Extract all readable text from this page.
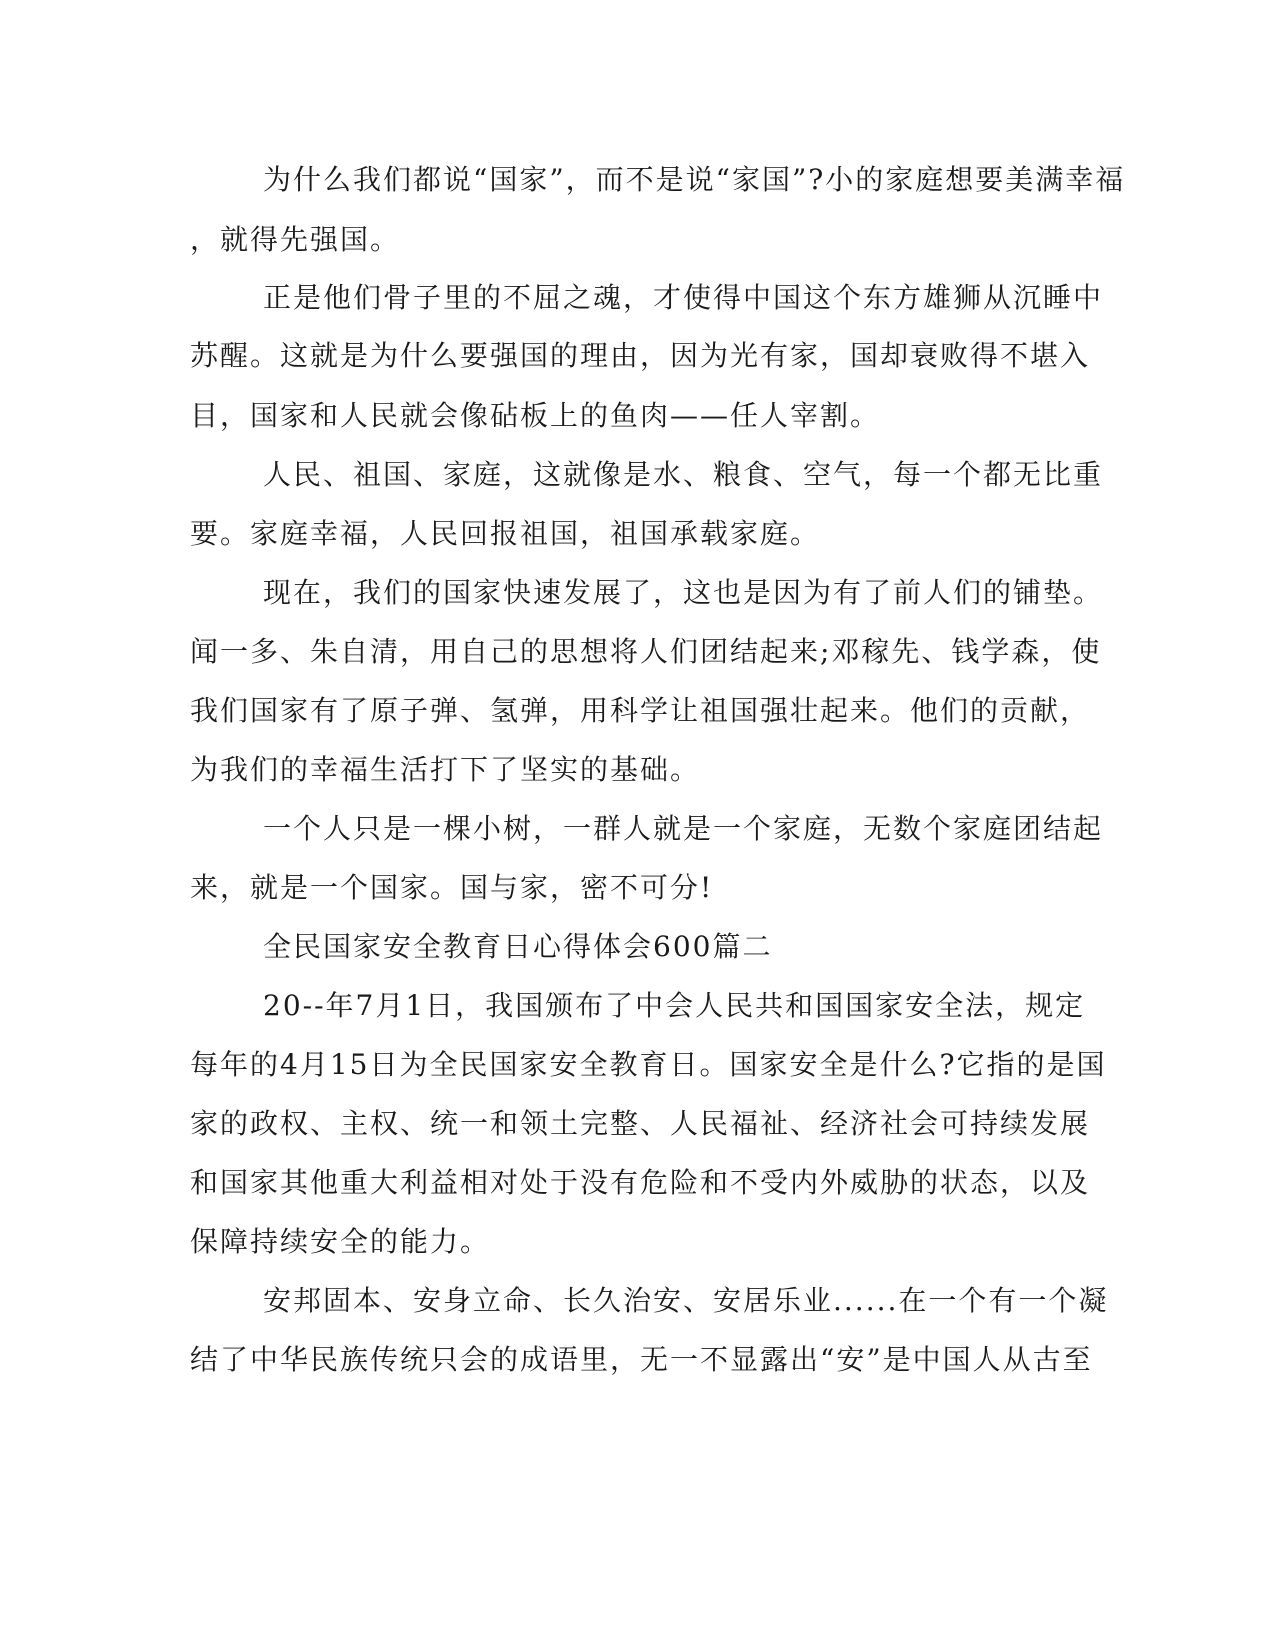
为什么我们都说“国家”，而不是说“家国”?小的家庭想要美满幸福
，就得先强国。
正是他们骨子里的不屈之魂，才使得中国这个东方雄狮从沉睡中
苏醒。这就是为什么要强国的理由，因为光有家，国却衰败得不堪入
目，国家和人民就会像砧板上的鱼肉——任人宰割。
人民、祖国、家庭，这就像是水、粮食、空气，每一个都无比重
要。家庭幸福，人民回报祖国，祖国承载家庭。
现在，我们的国家快速发展了，这也是因为有了前人们的铺垫。
闻一多、朱自清，用自己的思想将人们团结起来;邓稼先、钱学森，使
我们国家有了原子弹、氢弹，用科学让祖国强壮起来。他们的贡献，
为我们的幸福生活打下了坚实的基础。
一个人只是一棵小树，一群人就是一个家庭，无数个家庭团结起
来，就是一个国家。国与家，密不可分!
全民国家安全教育日心得体会600篇二
20--年7月1日，我国颁布了中会人民共和国国家安全法，规定
每年的4月15日为全民国家安全教育日。国家安全是什么?它指的是国
家的政权、主权、统一和领土完整、人民福祉、经济社会可持续发展
和国家其他重大利益相对处于没有危险和不受内外威胁的状态，以及
保障持续安全的能力。
安邦固本、安身立命、长久治安、安居乐业......在一个有一个凝
结了中华民族传统只会的成语里，无一不显露出“安”是中国人从古至
